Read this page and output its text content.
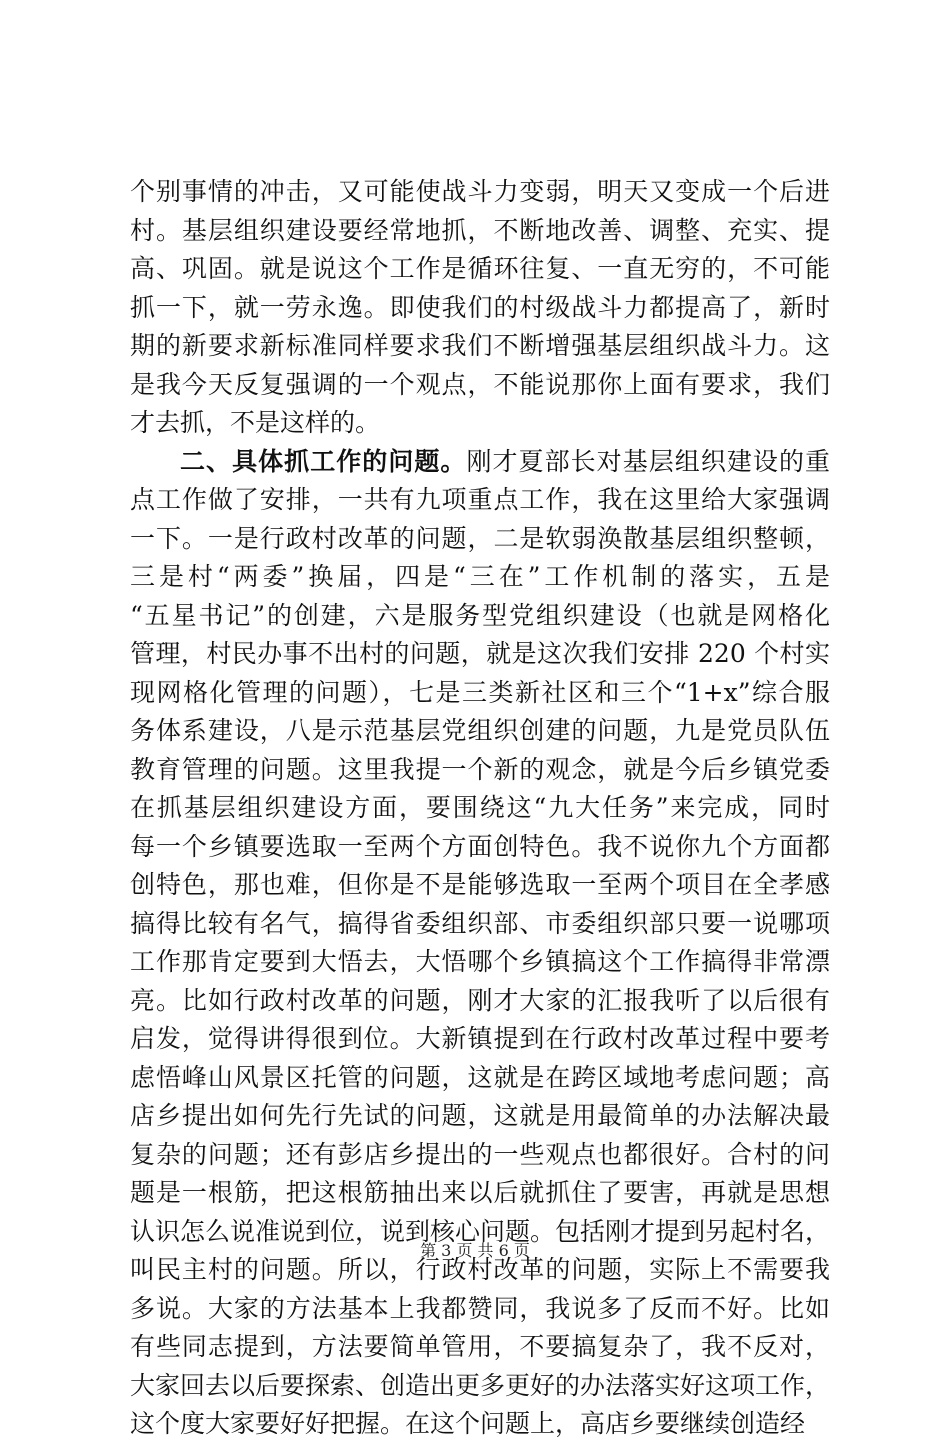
个别事情的冲击，又可能使战斗力变弱，明天又变成一个后进
村。基层组织建设要经常地抓，不断地改善、调整、充实、提
高、巩固。就是说这个工作是循环往复、一直无穷的，不可能
抓一下，就一劳永逸。即使我们的村级战斗力都提高了，新时
期的新要求新标准同样要求我们不断增强基层组织战斗力。这
是我今天反复强调的一个观点，不能说那你上面有要求，我们
才去抓，不是这样的。
二、具体抓工作的问题。刚才夏部长对基层组织建设的重
点工作做了安排，一共有九项重点工作，我在这里给大家强调
一下。一是行政村改革的问题，二是软弱涣散基层组织整顿，
三是村“两委”换届，四是“三在”工作机制的落实，五是
“五星书记”的创建，六是服务型党组织建设（也就是网格化
管理，村民办事不出村的问题，就是这次我们安排 220 个村实
现网格化管理的问题），七是三类新社区和三个“1+x”综合服
务体系建设，八是示范基层党组织创建的问题，九是党员队伍
教育管理的问题。这里我提一个新的观念，就是今后乡镇党委
在抓基层组织建设方面，要围绕这“九大任务”来完成，同时
每一个乡镇要选取一至两个方面创特色。我不说你九个方面都
创特色，那也难，但你是不是能够选取一至两个项目在全孝感
搞得比较有名气，搞得省委组织部、市委组织部只要一说哪项
工作那肯定要到大悟去，大悟哪个乡镇搞这个工作搞得非常漂
亮。比如行政村改革的问题，刚才大家的汇报我听了以后很有
启发，觉得讲得很到位。大新镇提到在行政村改革过程中要考
虑悟峰山风景区托管的问题，这就是在跨区域地考虑问题；高
店乡提出如何先行先试的问题，这就是用最简单的办法解决最
复杂的问题；还有彭店乡提出的一些观点也都很好。合村的问
题是一根筋，把这根筋抽出来以后就抓住了要害，再就是思想
认识怎么说准说到位，说到核心问题。包括刚才提到另起村名，
叫民主村的问题。所以，行政村改革的问题，实际上不需要我
多说。大家的方法基本上我都赞同，我说多了反而不好。比如
有些同志提到，方法要简单管用，不要搞复杂了，我不反对，
大家回去以后要探索、创造出更多更好的办法落实好这项工作，
这个度大家要好好把握。在这个问题上，高店乡要继续创造经
第 3 页 共 6 页
